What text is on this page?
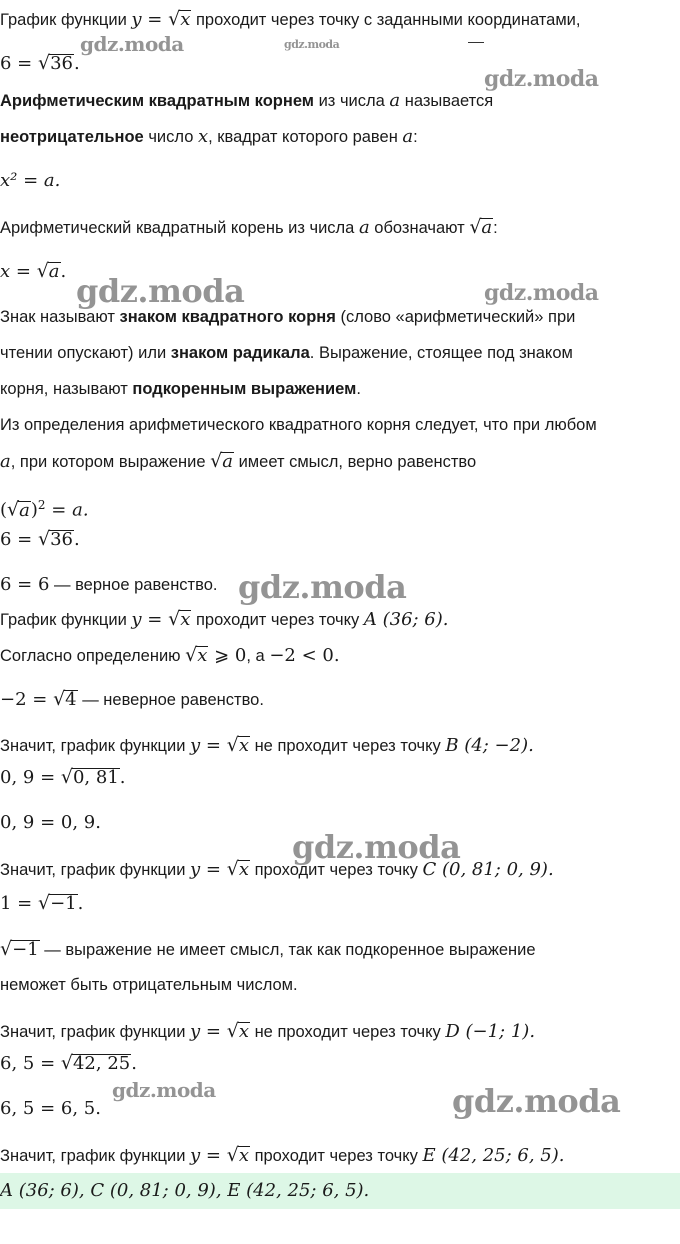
gdz.moda	gdz.moda
gdz.moda
gdz.moda	gdz.moda
gdz.moda
gdz.moda
gdz.moda	gdz.moda
График функции y = √x проходит через точку с заданными координатами,
6 = √36.
Арифметическим квадратным корнем из числа a называется
неотрицательное число x, квадрат которого равен a:
x² = a.
Арифметический квадратный корень из числа a обозначают √a:
x = √a.
Знак называют знаком квадратного корня (слово «арифметический» при
чтении опускают) или знаком радикала. Выражение, стоящее под знаком
корня, называют подкоренным выражением.
Из определения арифметического квадратного корня следует, что при любом
a, при котором выражение √a имеет смысл, верно равенство
$(√a)^2 = a$.
6 = √36.
6 = 6 — верное равенство.
График функции y = √x проходит через точку A (36; 6).
Согласно определению √x ⩾ 0, а −2 < 0.
−2 = √4 — неверное равенство.
Значит, график функции y = √x не проходит через точку B (4; −2).
0, 9 = √0, 81.
0, 9 = 0, 9.
Значит, график функции y = √x проходит через точку C (0, 81; 0, 9).
1 = √−1.
√−1 — выражение не имеет смысл, так как подкоренное выражение
неможет быть отрицательным числом.
Значит, график функции y = √x не проходит через точку D (−1; 1).
6, 5 = √42, 25.
6, 5 = 6, 5.
Значит, график функции y = √x проходит через точку E (42, 25; 6, 5).
A (36; 6), C (0, 81; 0, 9), E (42, 25; 6, 5).
